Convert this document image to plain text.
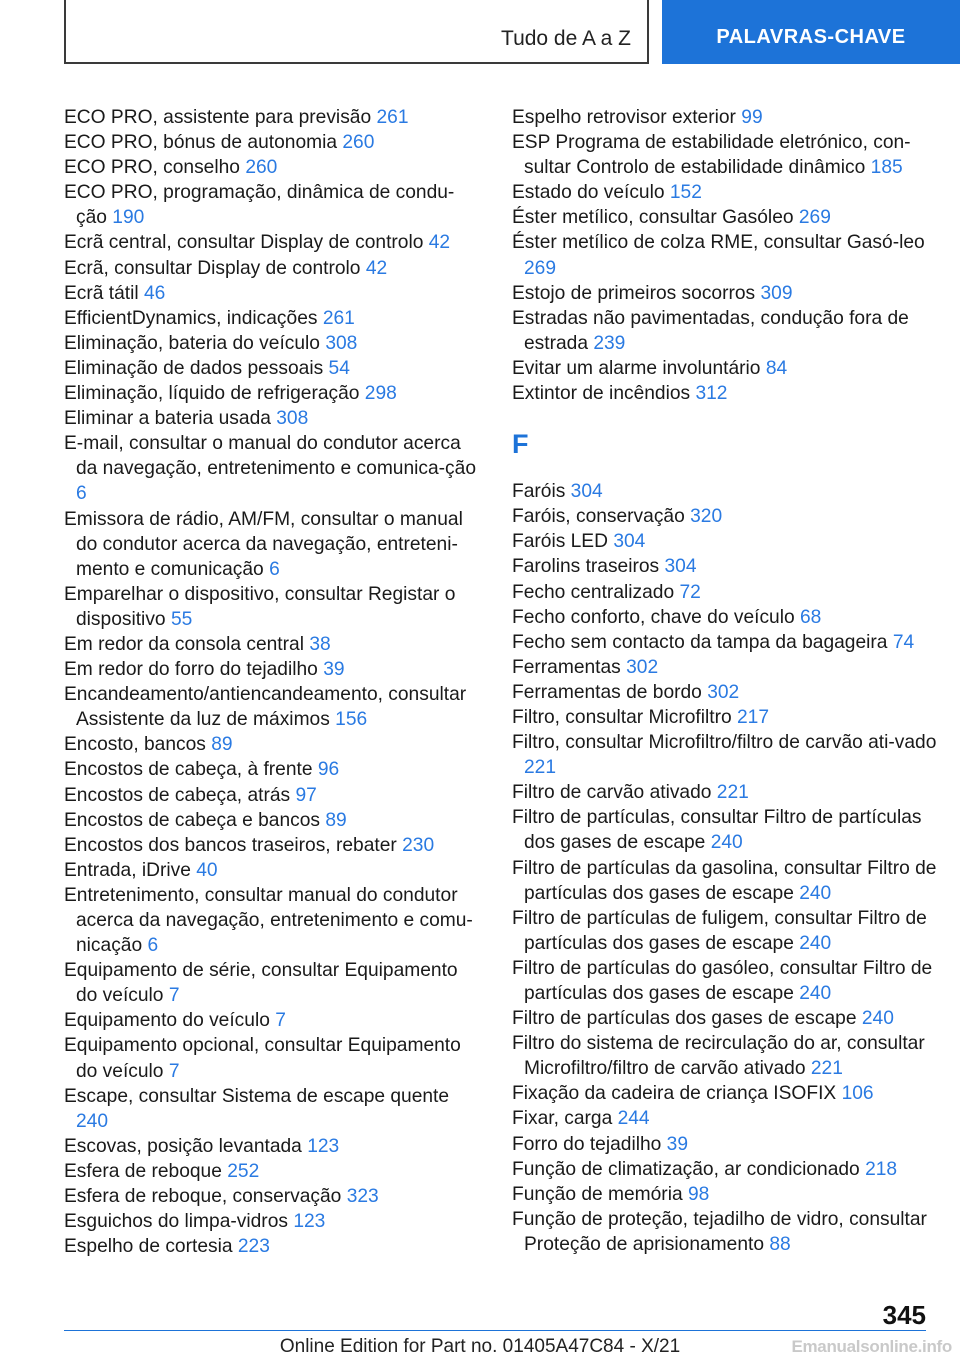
Tudo de A a Z	PALAVRAS-CHAVE

ECO PRO, assistente para previsão 261

ECO PRO, bónus de autonomia 260

ECO PRO, conselho 260

ECO PRO, programação, dinâmica de condu-ção 190

Ecrã central, consultar Display de controlo 42

Ecrã, consultar Display de controlo 42

Ecrã tátil 46

EfficientDynamics, indicações 261

Eliminação, bateria do veículo 308

Eliminação de dados pessoais 54

Eliminação, líquido de refrigeração 298

Eliminar a bateria usada 308

E-mail, consultar o manual do condutor acerca da navegação, entretenimento e comunica-ção 6

Emissora de rádio, AM/FM, consultar o manual do condutor acerca da navegação, entreteni-mento e comunicação 6

Emparelhar o dispositivo, consultar Registar o dispositivo 55

Em redor da consola central 38

Em redor do forro do tejadilho 39

Encandeamento/antiencandeamento, consultar Assistente da luz de máximos 156

Encosto, bancos 89

Encostos de cabeça, à frente 96

Encostos de cabeça, atrás 97

Encostos de cabeça e bancos 89

Encostos dos bancos traseiros, rebater 230

Entrada, iDrive 40

Entretenimento, consultar manual do condutor acerca da navegação, entretenimento e comu-nicação 6

Equipamento de série, consultar Equipamento do veículo 7

Equipamento do veículo 7

Equipamento opcional, consultar Equipamento do veículo 7

Escape, consultar Sistema de escape quente 240

Escovas, posição levantada 123

Esfera de reboque 252

Esfera de reboque, conservação 323

Esguichos do limpa-vidros 123

Espelho de cortesia 223

Espelho retrovisor exterior 99

ESP Programa de estabilidade eletrónico, con-sultar Controlo de estabilidade dinâmico 185

Estado do veículo 152

Éster metílico, consultar Gasóleo 269

Éster metílico de colza RME, consultar Gasó-leo 269

Estojo de primeiros socorros 309

Estradas não pavimentadas, condução fora de estrada 239

Evitar um alarme involuntário 84

Extintor de incêndios 312

F

Faróis 304

Faróis, conservação 320

Faróis LED 304

Farolins traseiros 304

Fecho centralizado 72

Fecho conforto, chave do veículo 68

Fecho sem contacto da tampa da bagageira 74

Ferramentas 302

Ferramentas de bordo 302

Filtro, consultar Microfiltro 217

Filtro, consultar Microfiltro/filtro de carvão ati-vado 221

Filtro de carvão ativado 221

Filtro de partículas, consultar Filtro de partículas dos gases de escape 240

Filtro de partículas da gasolina, consultar Filtro de partículas dos gases de escape 240

Filtro de partículas de fuligem, consultar Filtro de partículas dos gases de escape 240

Filtro de partículas do gasóleo, consultar Filtro de partículas dos gases de escape 240

Filtro de partículas dos gases de escape 240

Filtro do sistema de recirculação do ar, consultar Microfiltro/filtro de carvão ativado 221

Fixação da cadeira de criança ISOFIX 106

Fixar, carga 244

Forro do tejadilho 39

Função de climatização, ar condicionado 218

Função de memória 98

Função de proteção, tejadilho de vidro, consultar Proteção de aprisionamento 88

345
Online Edition for Part no. 01405A47C84 - X/21	Emanualsonline.info
